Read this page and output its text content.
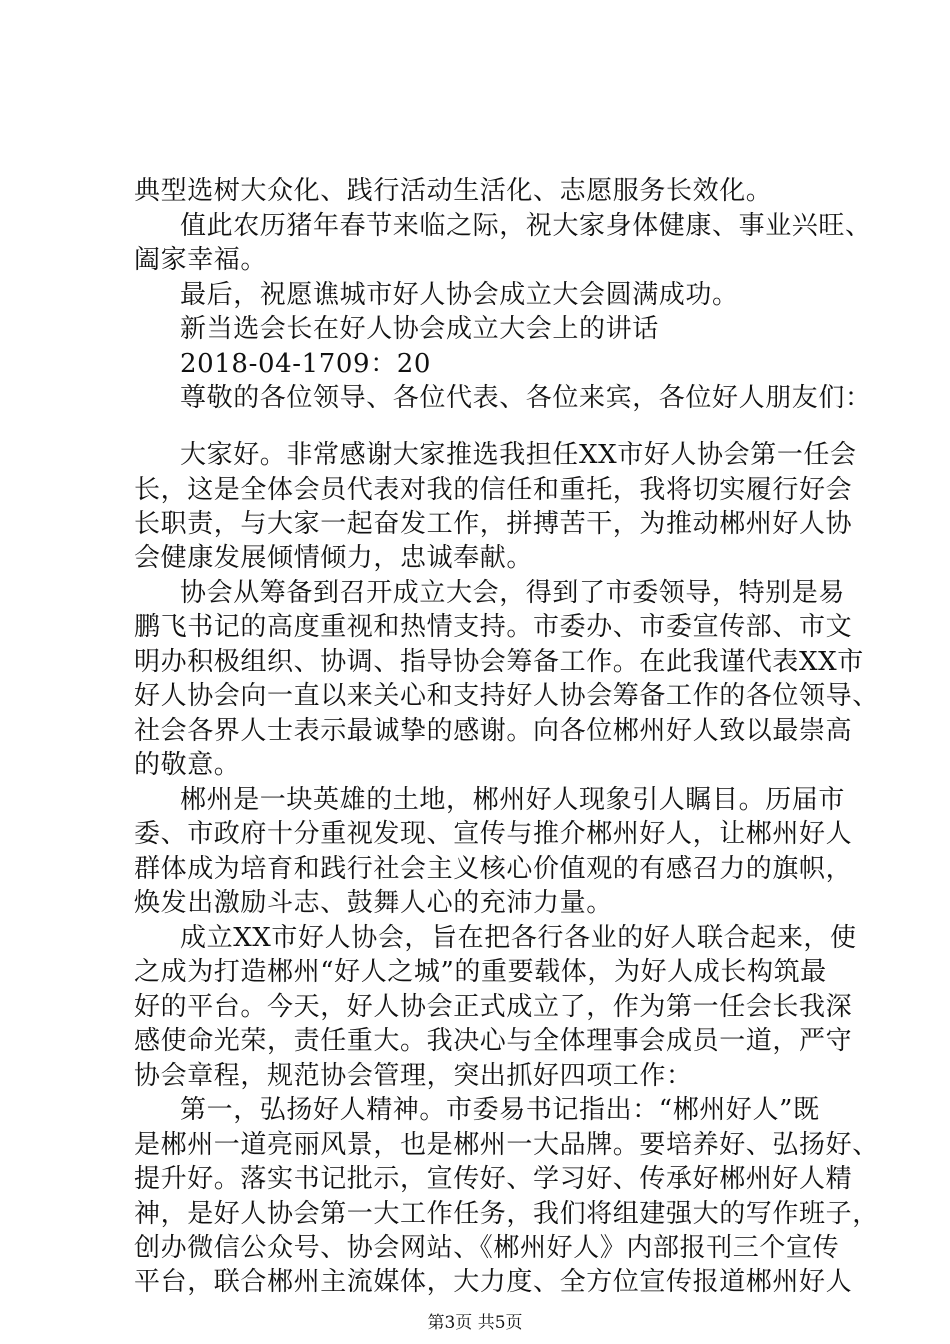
典型选树大众化、践行活动生活化、志愿服务长效化。
值此农历猪年春节来临之际，祝大家身体健康、事业兴旺、
阖家幸福。
最后，祝愿谯城市好人协会成立大会圆满成功。
新当选会长在好人协会成立大会上的讲话
2018-04-1709：20
尊敬的各位领导、各位代表、各位来宾，各位好人朋友们：
大家好。非常感谢大家推选我担任XX市好人协会第一任会
长，这是全体会员代表对我的信任和重托，我将切实履行好会
长职责，与大家一起奋发工作，拼搏苦干，为推动郴州好人协
会健康发展倾情倾力，忠诚奉献。
协会从筹备到召开成立大会，得到了市委领导，特别是易
鹏飞书记的高度重视和热情支持。市委办、市委宣传部、市文
明办积极组织、协调、指导协会筹备工作。在此我谨代表XX市
好人协会向一直以来关心和支持好人协会筹备工作的各位领导、
社会各界人士表示最诚挚的感谢。向各位郴州好人致以最崇高
的敬意。
郴州是一块英雄的土地，郴州好人现象引人瞩目。历届市
委、市政府十分重视发现、宣传与推介郴州好人，让郴州好人
群体成为培育和践行社会主义核心价值观的有感召力的旗帜，
焕发出激励斗志、鼓舞人心的充沛力量。
成立XX市好人协会，旨在把各行各业的好人联合起来，使
之成为打造郴州“好人之城”的重要载体，为好人成长构筑最
好的平台。今天，好人协会正式成立了，作为第一任会长我深
感使命光荣，责任重大。我决心与全体理事会成员一道，严守
协会章程，规范协会管理，突出抓好四项工作：
第一，弘扬好人精神。市委易书记指出：“郴州好人”既
是郴州一道亮丽风景，也是郴州一大品牌。要培养好、弘扬好、
提升好。落实书记批示，宣传好、学习好、传承好郴州好人精
神，是好人协会第一大工作任务，我们将组建强大的写作班子，
创办微信公众号、协会网站、《郴州好人》内部报刊三个宣传
平台，联合郴州主流媒体，大力度、全方位宣传报道郴州好人
第3页 共5页
